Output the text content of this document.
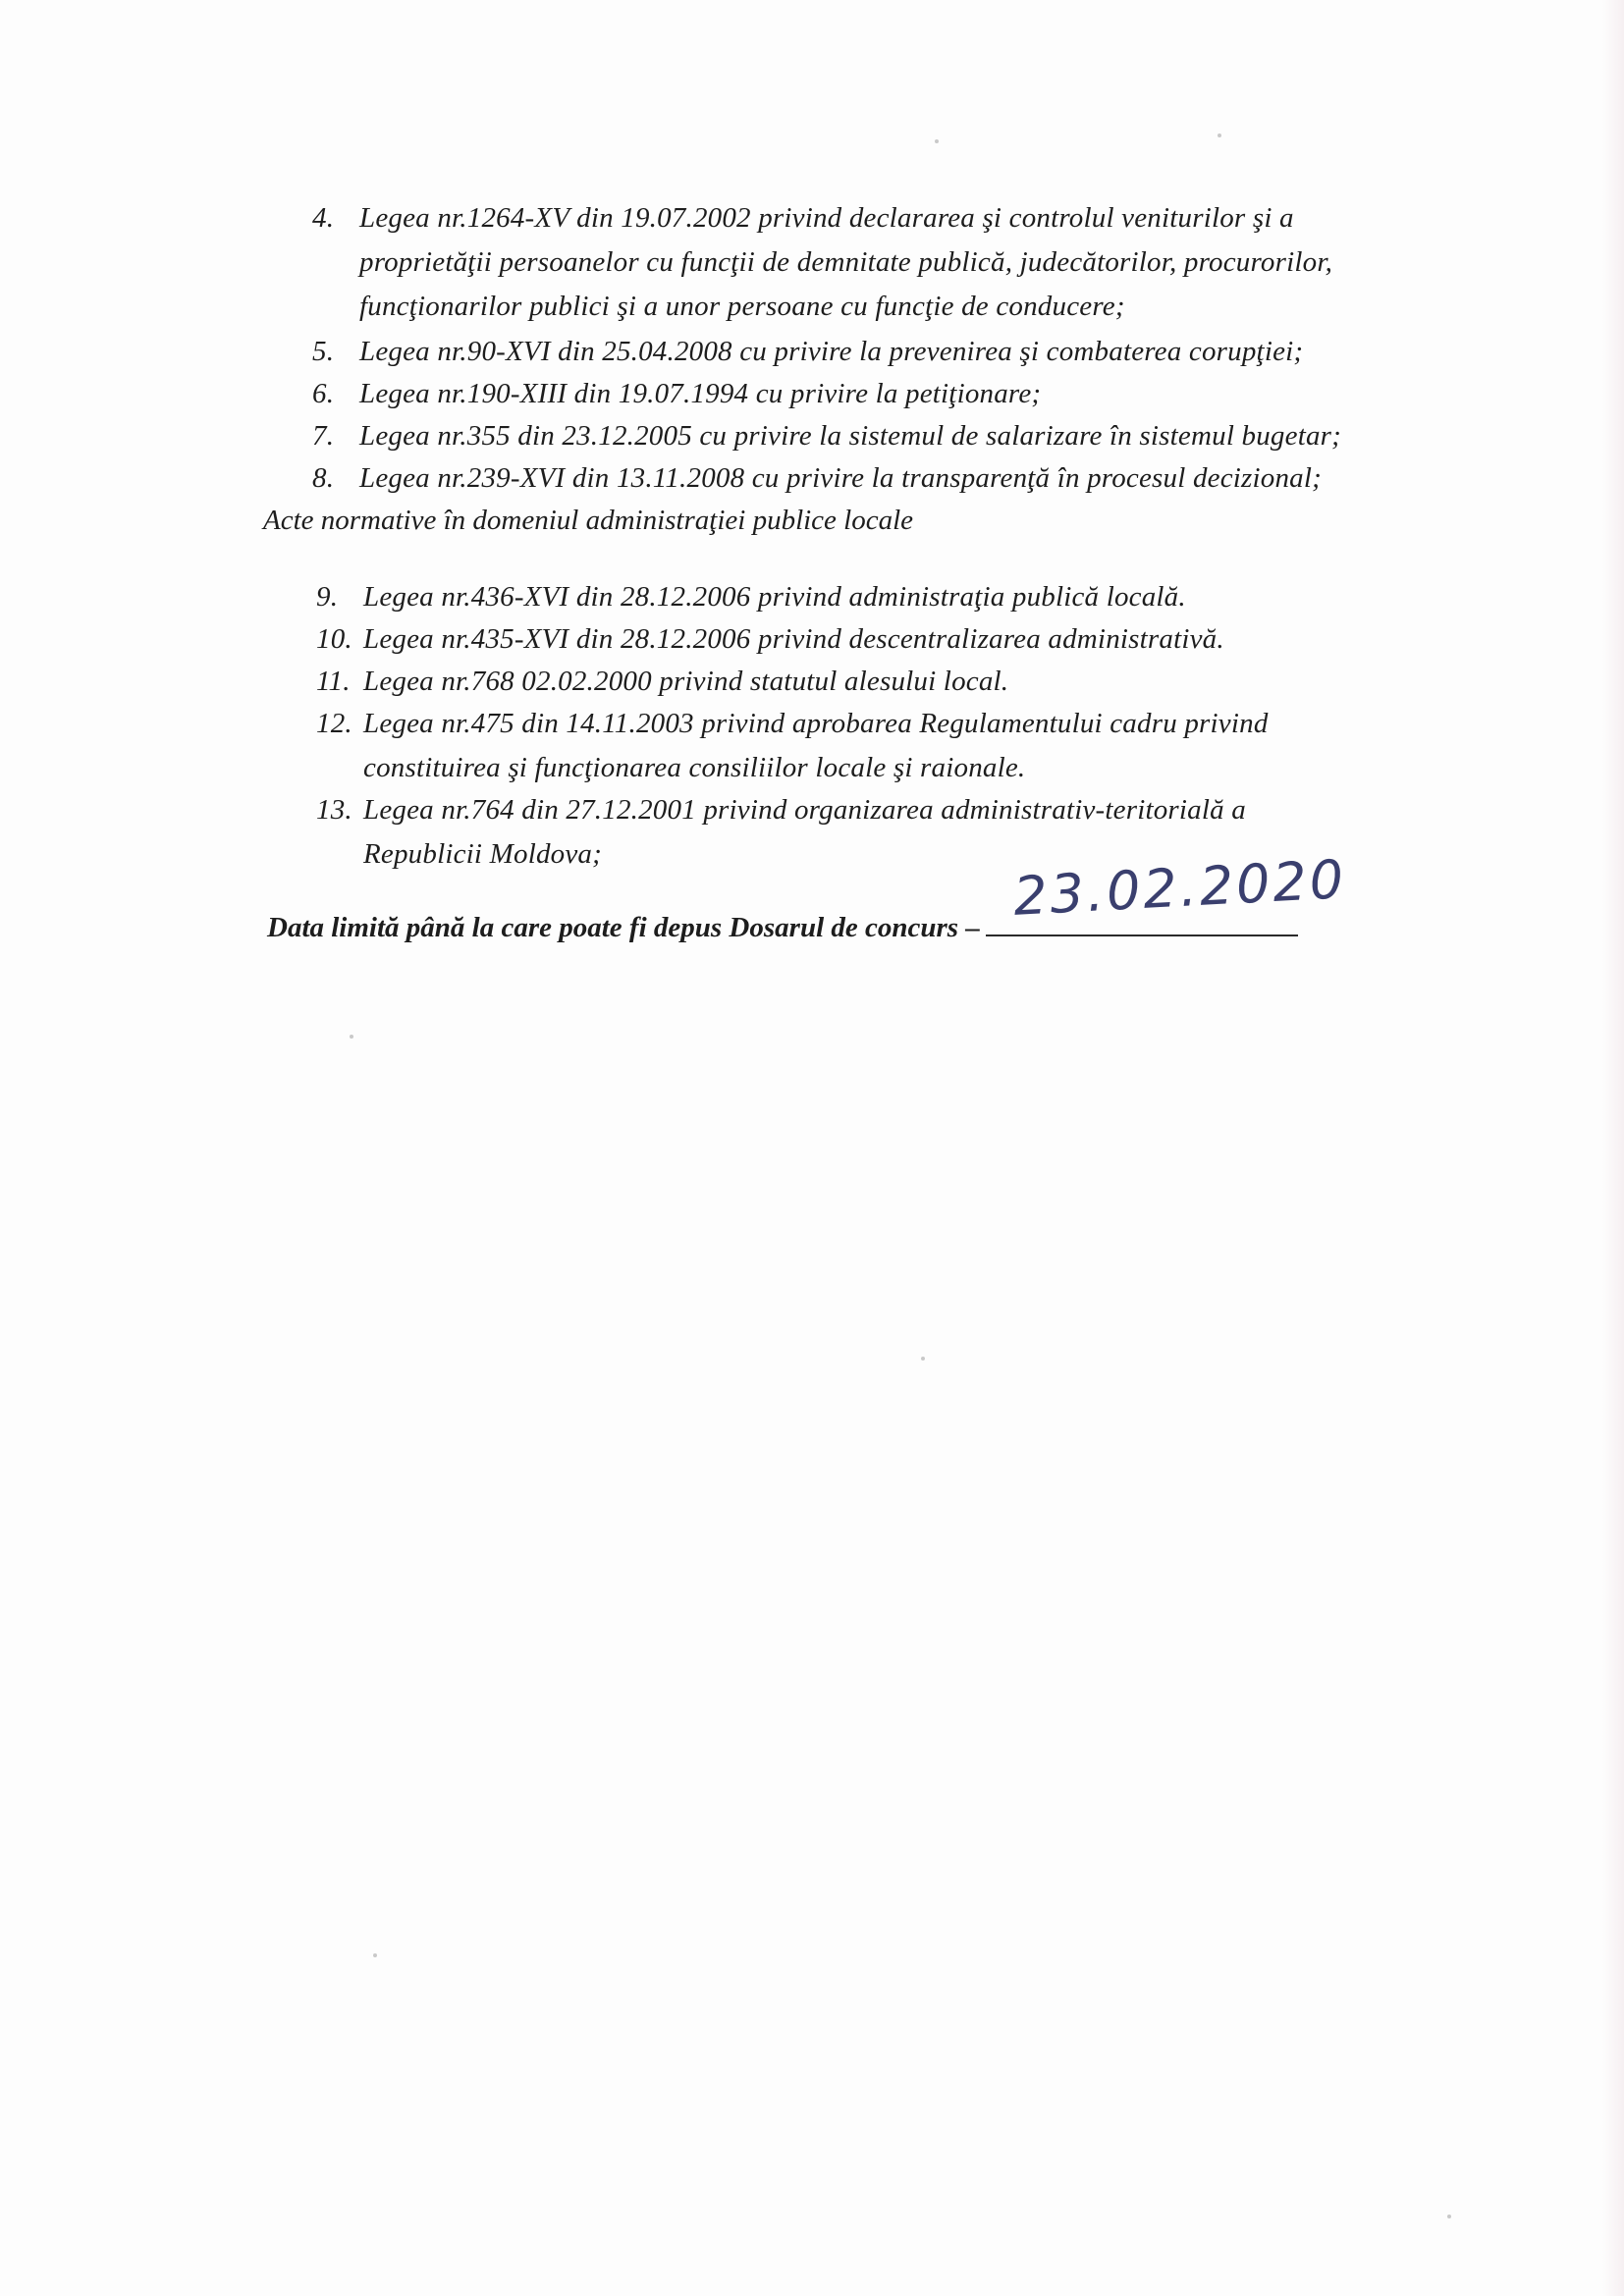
4. Legea nr.1264-XV din 19.07.2002 privind declararea şi controlul veniturilor şi a
proprietăţii persoanelor cu funcţii de demnitate publică, judecătorilor, procurorilor,
funcţionarilor publici şi a unor persoane cu funcţie de conducere;
5. Legea nr.90-XVI din 25.04.2008 cu privire la prevenirea şi combaterea corupţiei;
6. Legea nr.190-XIII din 19.07.1994 cu privire la petiţionare;
7. Legea nr.355 din 23.12.2005 cu privire la sistemul de salarizare în sistemul bugetar;
8. Legea nr.239-XVI din 13.11.2008 cu privire la transparenţă în procesul decizional;
Acte normative în domeniul administraţiei publice locale
9. Legea nr.436-XVI din 28.12.2006 privind administraţia publică locală.
10. Legea nr.435-XVI din 28.12.2006 privind descentralizarea administrativă.
11. Legea nr.768 02.02.2000 privind statutul alesului local.
12. Legea nr.475 din 14.11.2003 privind aprobarea Regulamentului cadru privind
constituirea şi funcţionarea consiliilor locale şi raionale.
13. Legea nr.764 din 27.12.2001 privind organizarea administrativ-teritorială a
Republicii Moldova;
Data limită până la care poate fi depus Dosarul de concurs –
23.02.2020
